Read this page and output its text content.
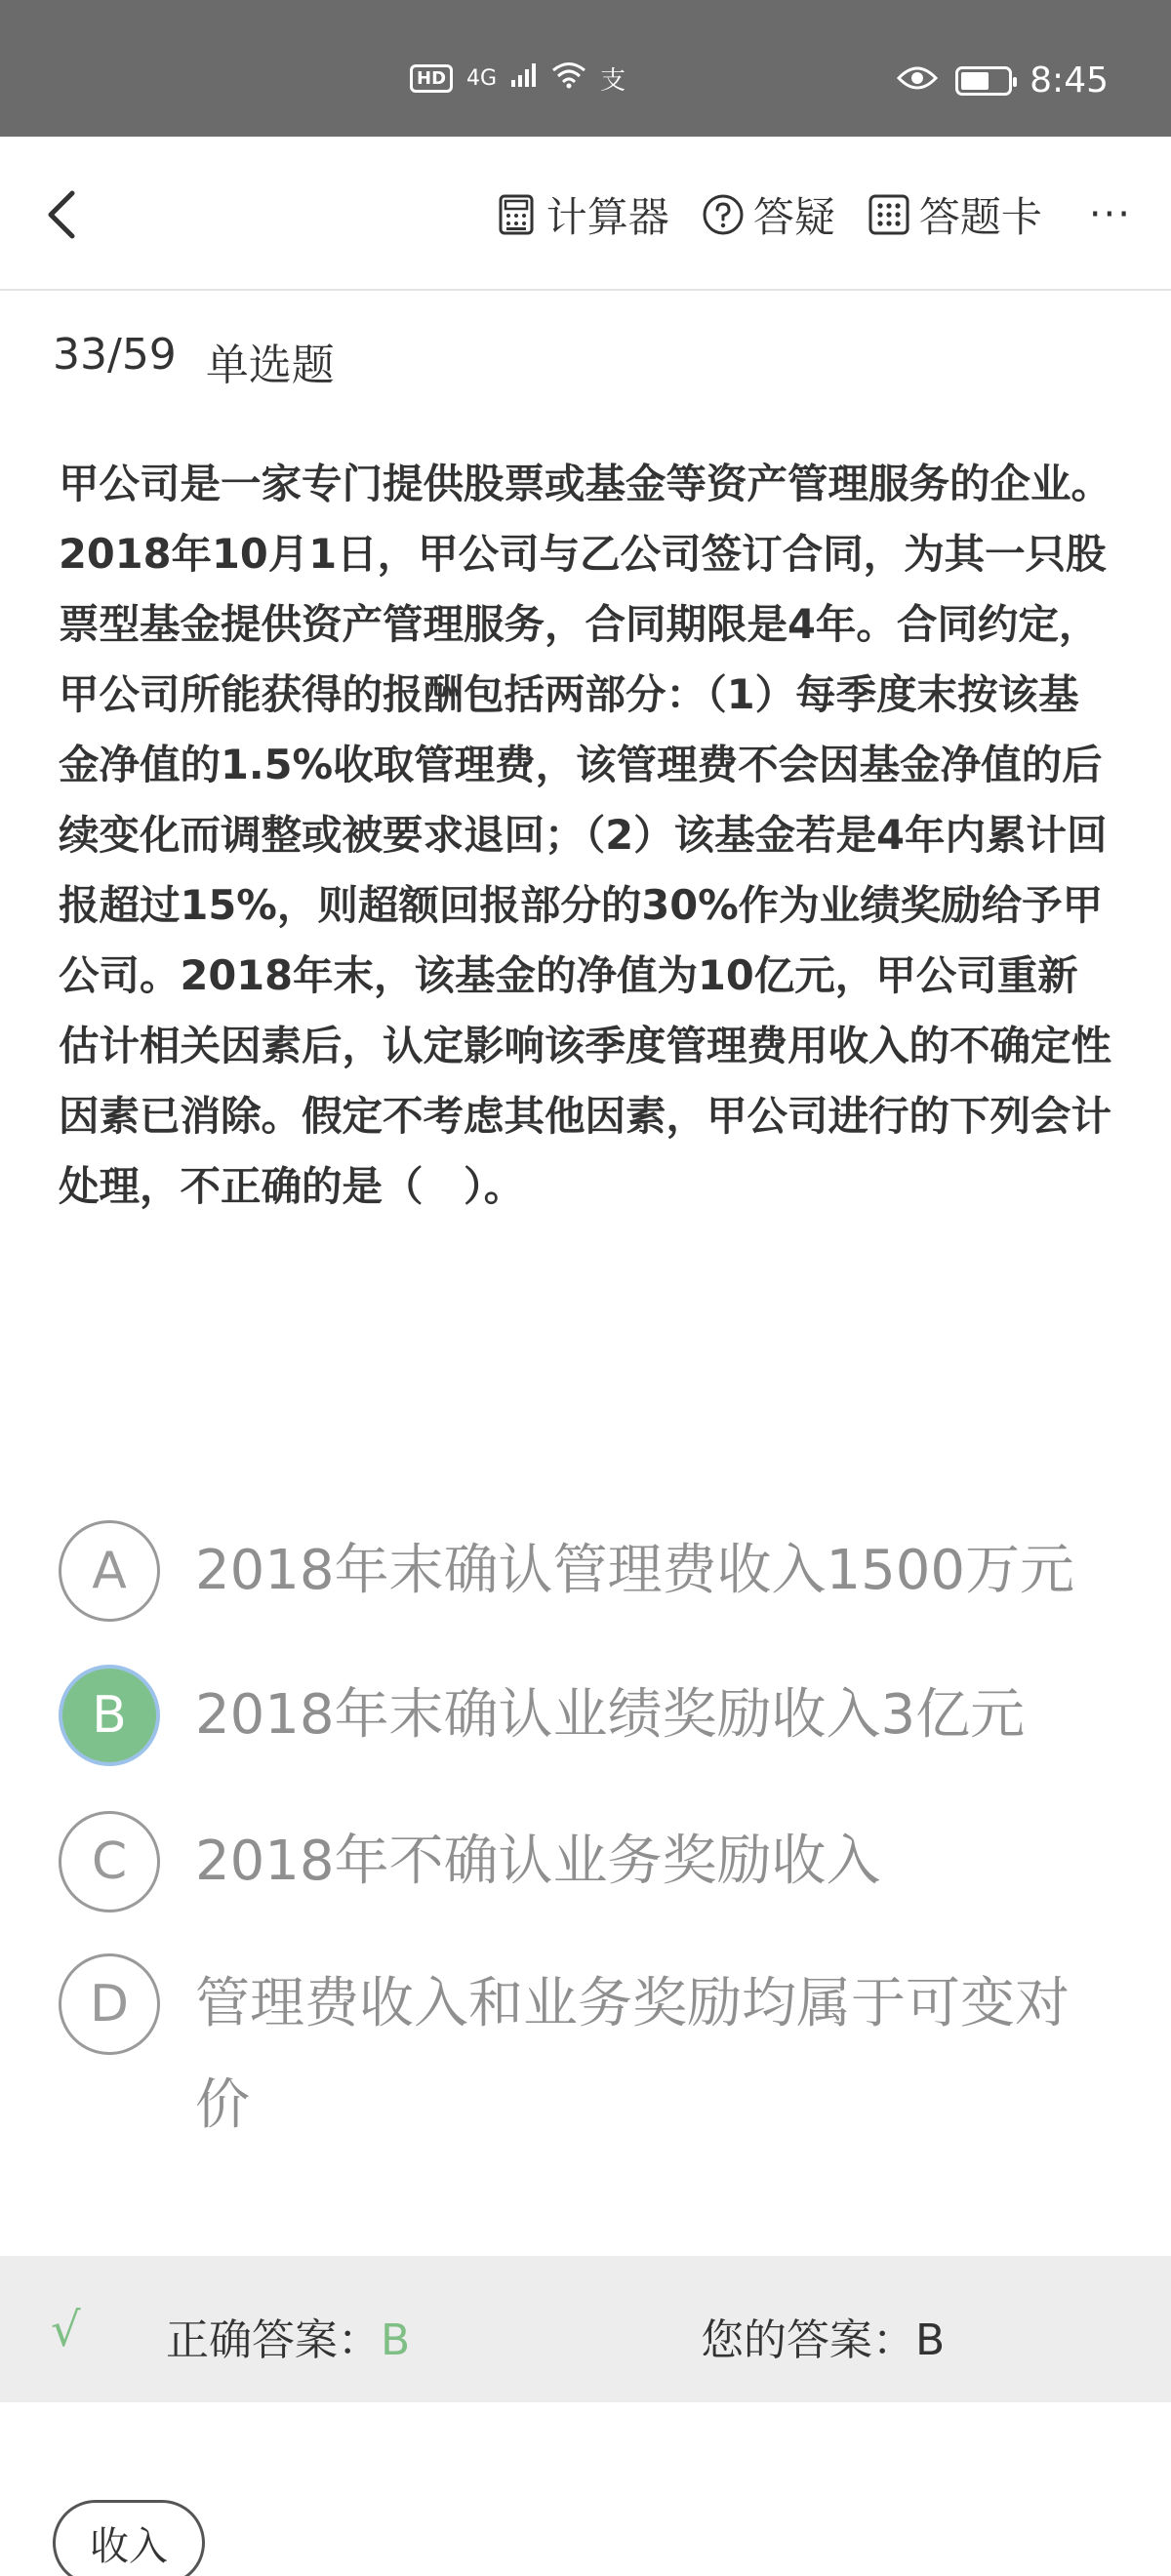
HD 4G	支	8:45
计算器 答疑 答题卡 ···
33/59 单选题
甲公司是一家专门提供股票或基金等资产管理服务的企业。2018年10月1日，甲公司与乙公司签订合同，为其一只股票型基金提供资产管理服务，合同期限是4年。合同约定，甲公司所能获得的报酬包括两部分：（1）每季度末按该基金净值的1.5%收取管理费，该管理费不会因基金净值的后续变化而调整或被要求退回；（2）该基金若是4年内累计回报超过15%，则超额回报部分的30%作为业绩奖励给予甲公司。2018年末，该基金的净值为10亿元，甲公司重新估计相关因素后，认定影响该季度管理费用收入的不确定性因素已消除。假定不考虑其他因素，甲公司进行的下列会计处理，不正确的是（　）。
A	2018年末确认管理费收入1500万元
B	2018年末确认业绩奖励收入3亿元
C	2018年不确认业务奖励收入
D	管理费收入和业务奖励均属于可变对价
√ 正确答案：B	您的答案：B
收入
